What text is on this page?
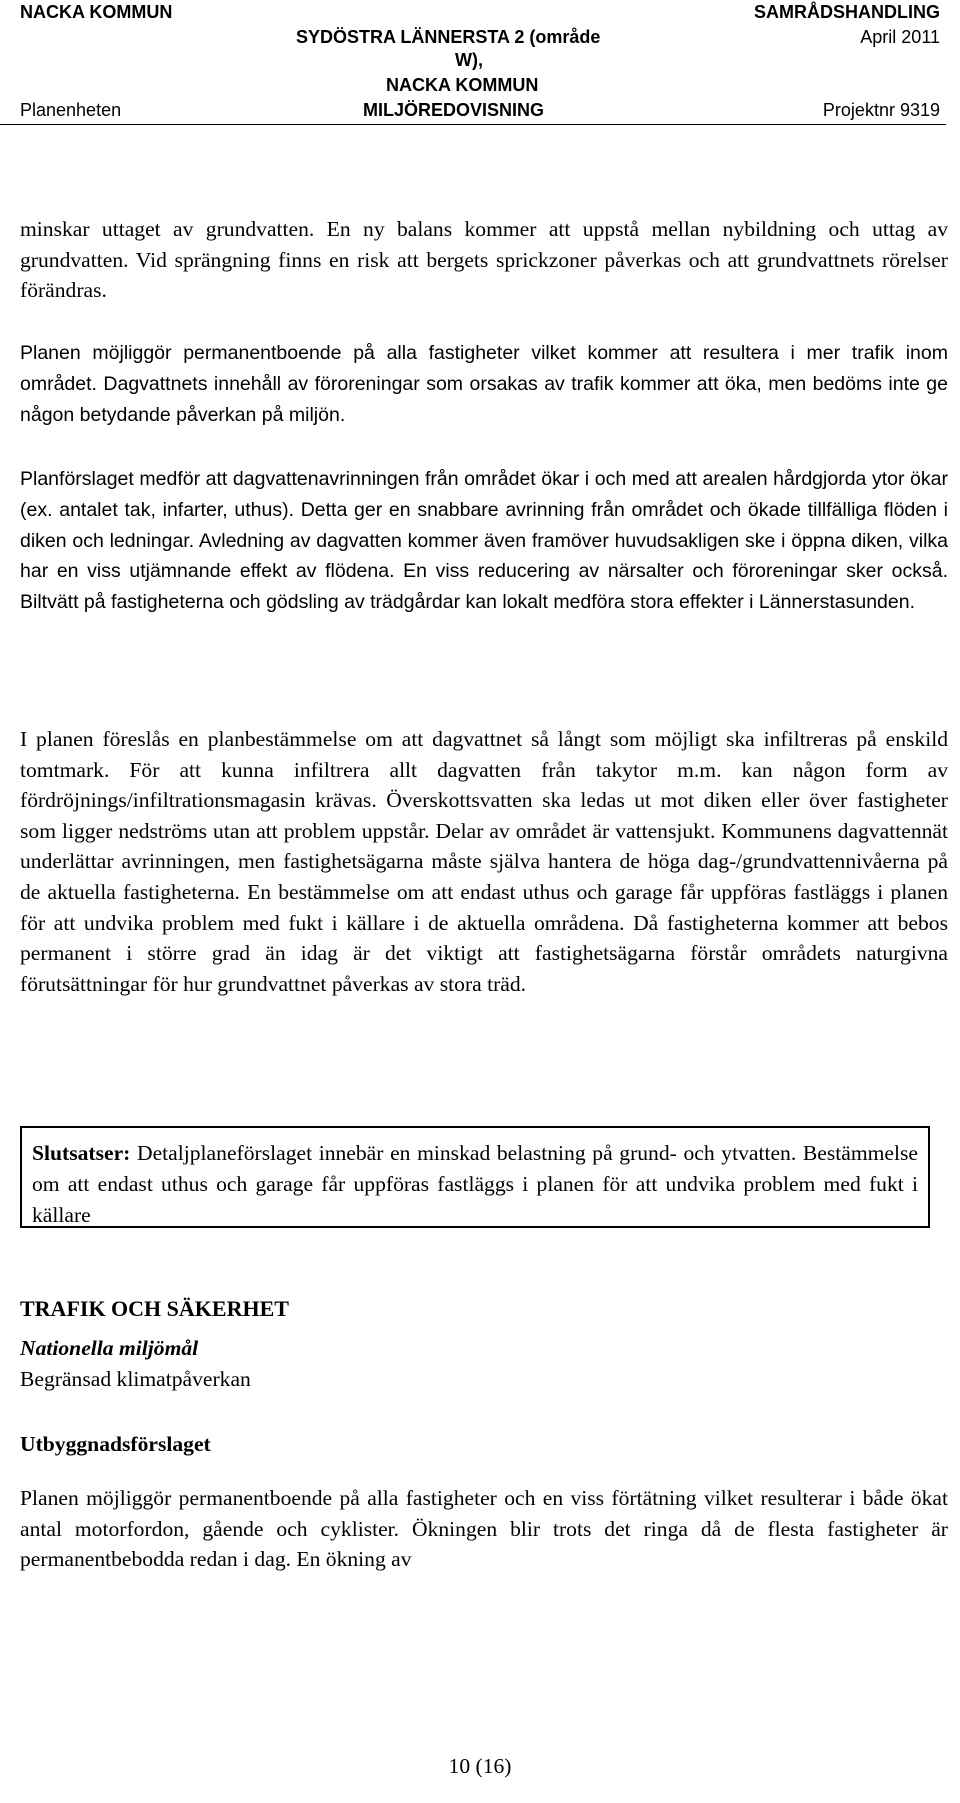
NACKA KOMMUN
Planenheten
SYDÖSTRA LÄNNERSTA 2 (område
W),
NACKA KOMMUN
MILJÖREDOVISNING
SAMRÅDSHANDLING
April 2011
Projektnr 9319

minskar uttaget av grundvatten. En ny balans kommer att uppstå mellan nybildning och uttag av grundvatten. Vid sprängning finns en risk att bergets sprickzoner påverkas och att grundvattnets rörelser förändras.

Planen möjliggör permanentboende på alla fastigheter vilket kommer att resultera i mer trafik inom området. Dagvattnets innehåll av föroreningar som orsakas av trafik kommer att öka, men bedöms inte ge någon betydande påverkan på miljön.

Planförslaget medför att dagvattenavrinningen från området ökar i och med att arealen hårdgjorda ytor ökar (ex. antalet tak, infarter, uthus). Detta ger en snabbare avrinning från området och ökade tillfälliga flöden i diken och ledningar. Avledning av dagvatten kommer även framöver huvudsakligen ske i öppna diken, vilka har en viss utjämnande effekt av flödena. En viss reducering av närsalter och föroreningar sker också. Biltvätt på fastigheterna och gödsling av trädgårdar kan lokalt medföra stora effekter i Lännerstasunden.

I planen föreslås en planbestämmelse om att dagvattnet så långt som möjligt ska infiltreras på enskild tomtmark. För att kunna infiltrera allt dagvatten från takytor m.m. kan någon form av fördröjnings/infiltrationsmagasin krävas. Överskottsvatten ska ledas ut mot diken eller över fastigheter som ligger nedströms utan att problem uppstår. Delar av området är vattensjukt. Kommunens dagvattennät underlättar avrinningen, men fastighetsägarna måste själva hantera de höga dag-/grundvattennivåerna på de aktuella fastigheterna. En bestämmelse om att endast uthus och garage får uppföras fastläggs i planen för att undvika problem med fukt i källare i de aktuella områdena. Då fastigheterna kommer att bebos permanent i större grad än idag är det viktigt att fastighetsägarna förstår områdets naturgivna förutsättningar för hur grundvattnet påverkas av stora träd.

Slutsatser: Detaljplaneförslaget innebär en minskad belastning på grund- och ytvatten. Bestämmelse om att endast uthus och garage får uppföras fastläggs i planen för att undvika problem med fukt i källare
TRAFIK OCH SÄKERHET
Nationella miljömål
Begränsad klimatpåverkan
Utbyggnadsförslaget

Planen möjliggör permanentboende på alla fastigheter och en viss förtätning vilket resulterar i både ökat antal motorfordon, gående och cyklister. Ökningen blir trots det ringa då de flesta fastigheter är permanentbebodda redan i dag. En ökning av

10 (16)
